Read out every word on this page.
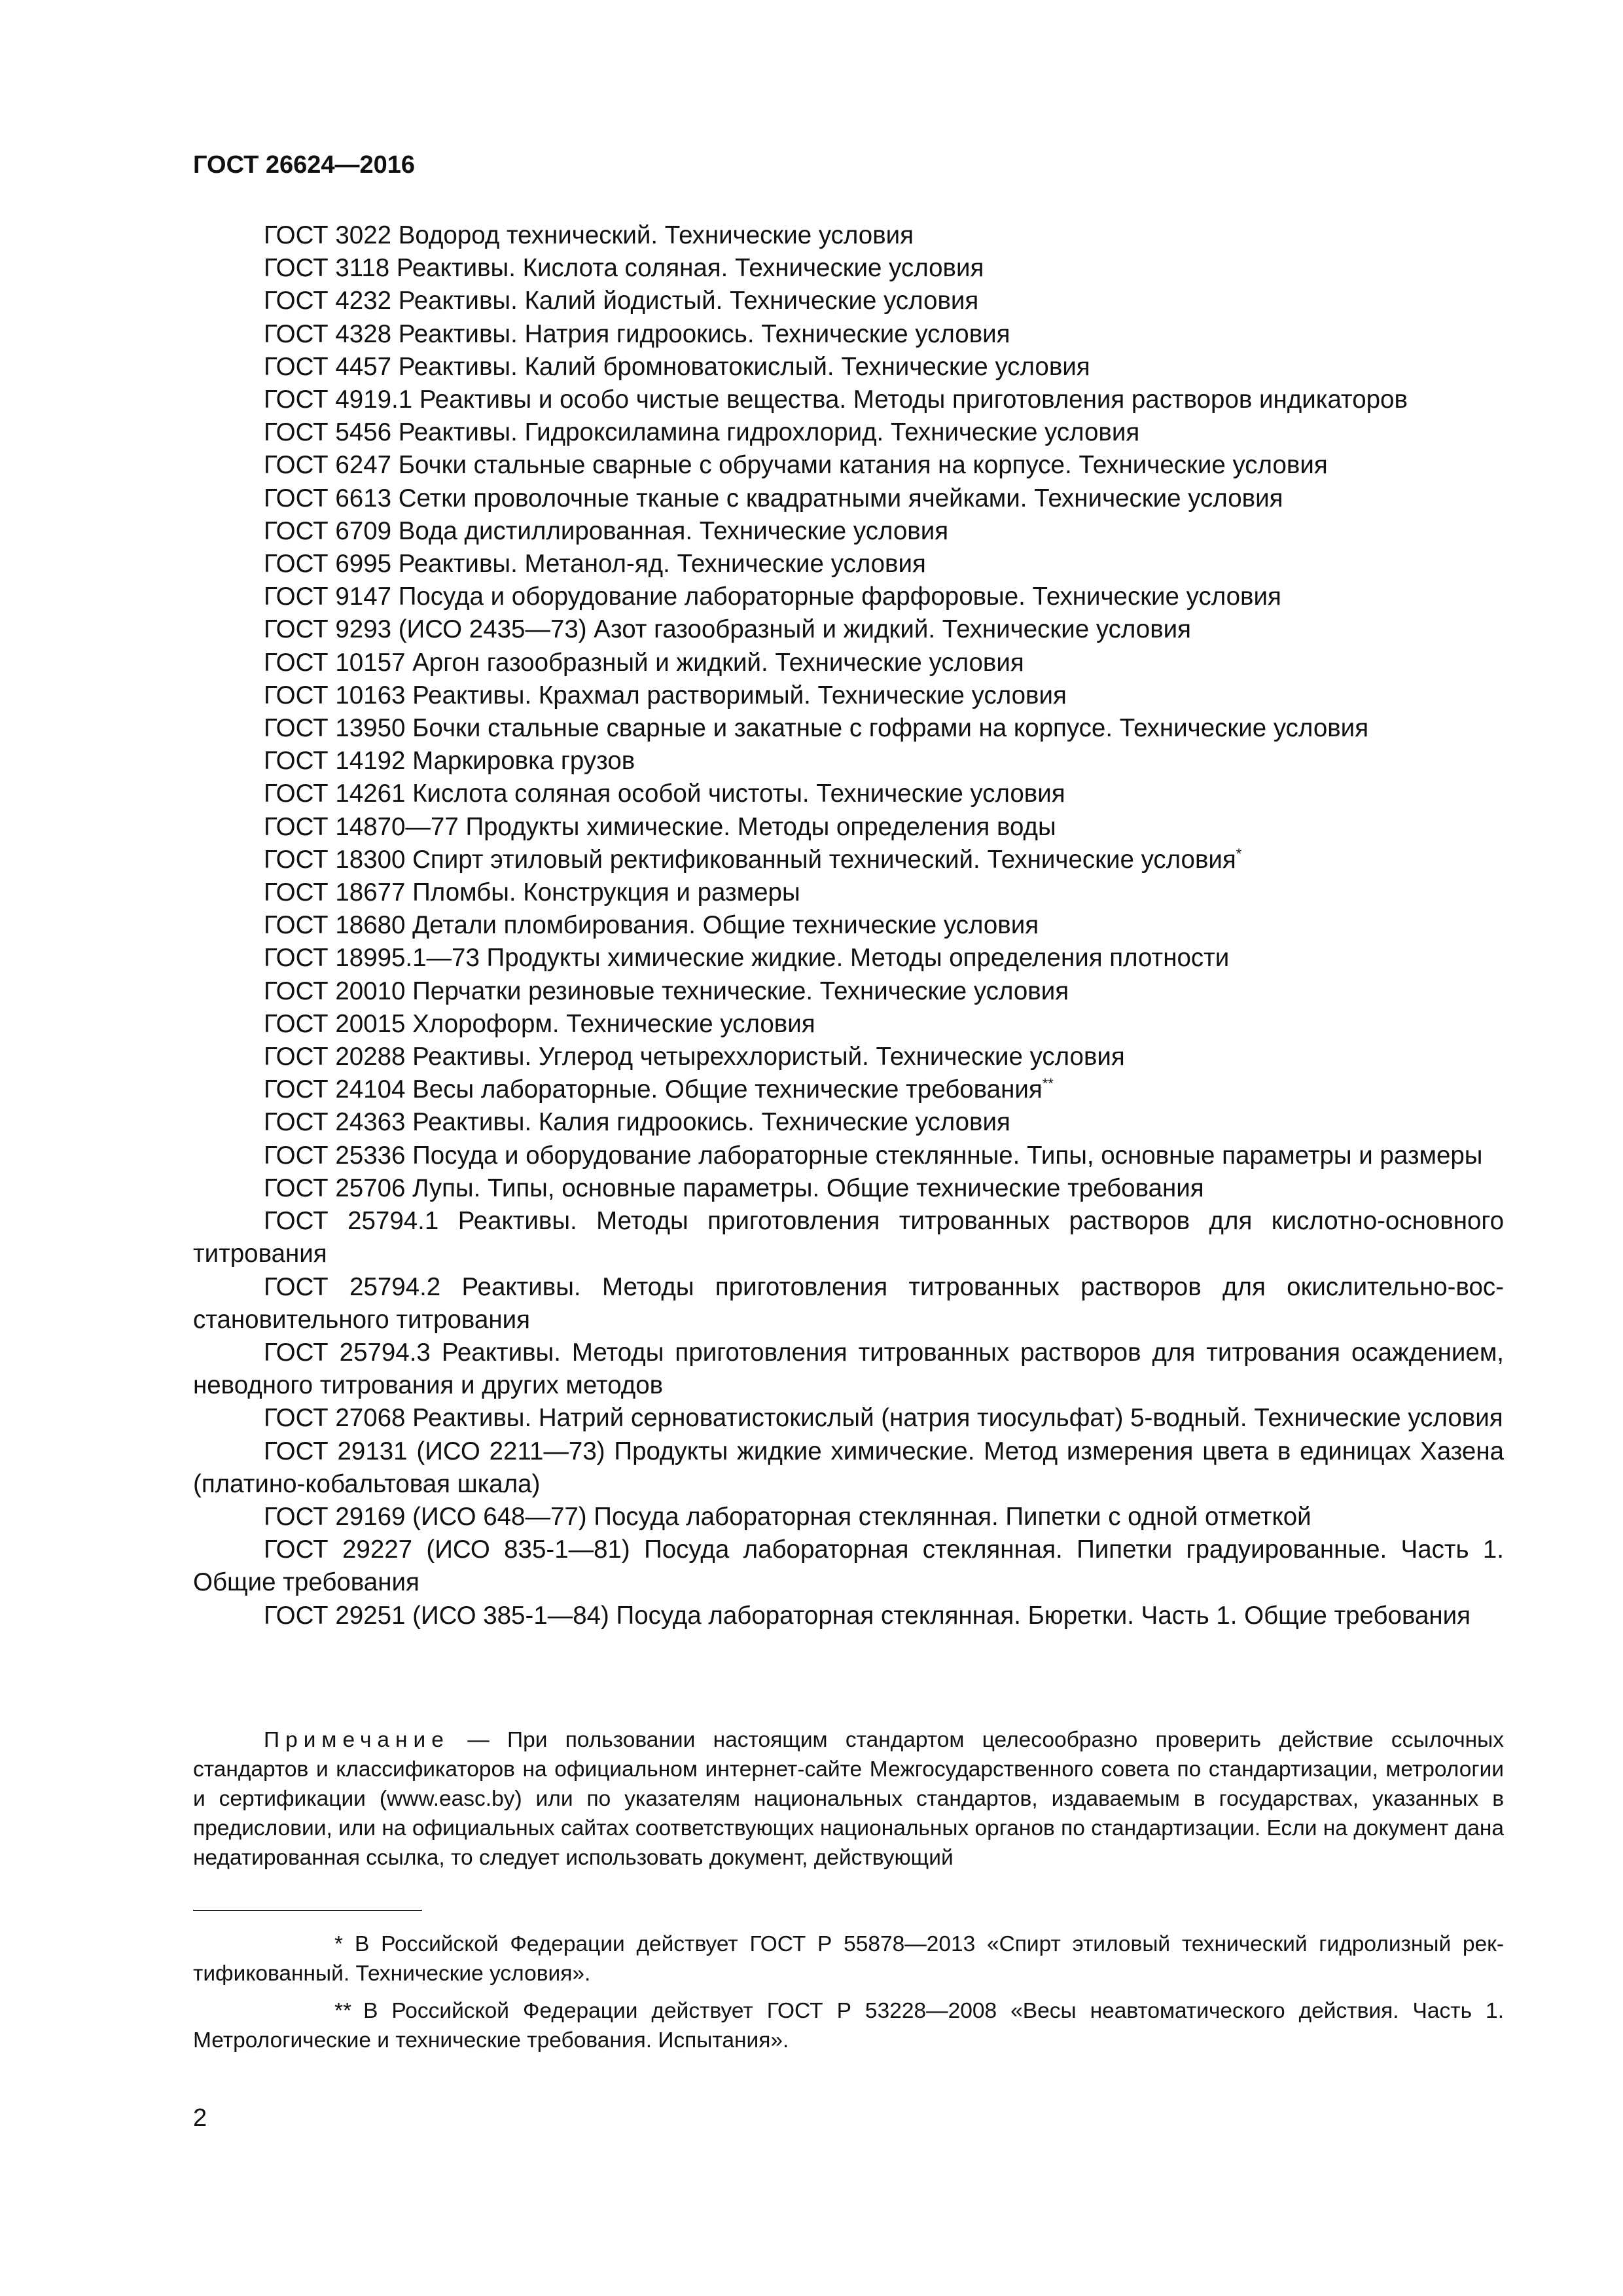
ГОСТ 26624—2016

ГОСТ 3022 Водород технический. Технические условия

ГОСТ 3118 Реактивы. Кислота соляная. Технические условия

ГОСТ 4232 Реактивы. Калий йодистый. Технические условия

ГОСТ 4328 Реактивы. Натрия гидроокись. Технические условия

ГОСТ 4457 Реактивы. Калий бромноватокислый. Технические условия

ГОСТ 4919.1 Реактивы и особо чистые вещества. Методы приготовления растворов индикаторов

ГОСТ 5456 Реактивы. Гидроксиламина гидрохлорид. Технические условия

ГОСТ 6247 Бочки стальные сварные с обручами катания на корпусе. Технические условия

ГОСТ 6613 Сетки проволочные тканые с квадратными ячейками. Технические условия

ГОСТ 6709 Вода дистиллированная. Технические условия

ГОСТ 6995 Реактивы. Метанол-яд. Технические условия

ГОСТ 9147 Посуда и оборудование лабораторные фарфоровые. Технические условия

ГОСТ 9293 (ИСО 2435—73) Азот газообразный и жидкий. Технические условия

ГОСТ 10157 Аргон газообразный и жидкий. Технические условия

ГОСТ 10163 Реактивы. Крахмал растворимый. Технические условия

ГОСТ 13950 Бочки стальные сварные и закатные с гофрами на корпусе. Технические условия

ГОСТ 14192 Маркировка грузов

ГОСТ 14261 Кислота соляная особой чистоты. Технические условия

ГОСТ 14870—77 Продукты химические. Методы определения воды

ГОСТ 18300 Спирт этиловый ректификованный технический. Технические условия*

ГОСТ 18677 Пломбы. Конструкция и размеры

ГОСТ 18680 Детали пломбирования. Общие технические условия

ГОСТ 18995.1—73 Продукты химические жидкие. Методы определения плотности

ГОСТ 20010 Перчатки резиновые технические. Технические условия

ГОСТ 20015 Хлороформ. Технические условия

ГОСТ 20288 Реактивы. Углерод четыреххлористый. Технические условия

ГОСТ 24104 Весы лабораторные. Общие технические требования**

ГОСТ 24363 Реактивы. Калия гидроокись. Технические условия

ГОСТ 25336 Посуда и оборудование лабораторные стеклянные. Типы, основные параметры и размеры

ГОСТ 25706 Лупы. Типы, основные параметры. Общие технические требования

ГОСТ 25794.1 Реактивы. Методы приготовления титрованных растворов для кислотно-основного титрования

ГОСТ 25794.2 Реактивы. Методы приготовления титрованных растворов для окислительно-восстановительного титрования

ГОСТ 25794.3 Реактивы. Методы приготовления титрованных растворов для титрования осаждением, неводного титрования и других методов

ГОСТ 27068 Реактивы. Натрий серноватистокислый (натрия тиосульфат) 5-водный. Технические условия

ГОСТ 29131 (ИСО 2211—73) Продукты жидкие химические. Метод измерения цвета в единицах Хазена (платино-кобальтовая шкала)

ГОСТ 29169 (ИСО 648—77) Посуда лабораторная стеклянная. Пипетки с одной отметкой

ГОСТ 29227 (ИСО 835-1—81) Посуда лабораторная стеклянная. Пипетки градуированные. Часть 1. Общие требования

ГОСТ 29251 (ИСО 385-1—84) Посуда лабораторная стеклянная. Бюретки. Часть 1. Общие требования

Примечание — При пользовании настоящим стандартом целесообразно проверить действие ссылочных стандартов и классификаторов на официальном интернет-сайте Межгосударственного совета по стандартизации, метрологии и сертификации (www.easc.by) или по указателям национальных стандартов, издаваемым в государствах, указанных в предисловии, или на официальных сайтах соответствующих национальных органов по стандартизации. Если на документ дана недатированная ссылка, то следует использовать документ, действующий

* В Российской Федерации действует ГОСТ Р 55878—2013 «Спирт этиловый технический гидролизный ректификованный. Технические условия».

** В Российской Федерации действует ГОСТ Р 53228—2008 «Весы неавтоматического действия. Часть 1. Метрологические и технические требования. Испытания».

2
